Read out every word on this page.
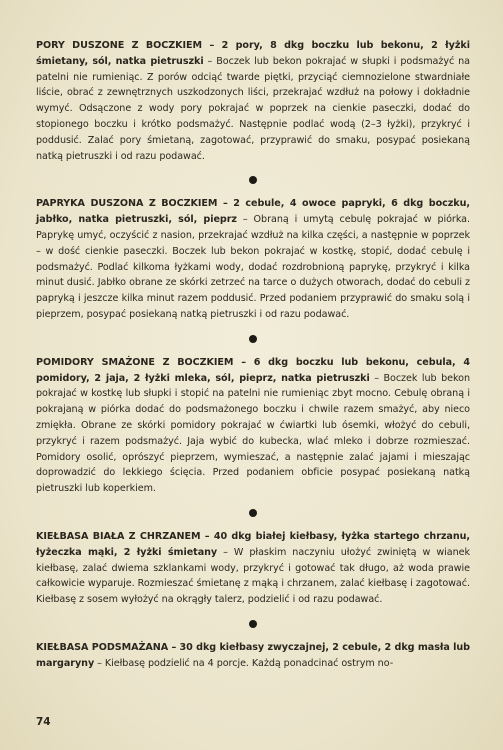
PORY DUSZONE Z BOCZKIEM – 2 pory, 8 dkg boczku lub bekonu, 2 łyżki śmietany, sól, natka pietruszki – Boczek lub bekon pokrajać w słupki i podsmażyć na patelni nie rumieniąc. Z porów odciąć twarde piętki, przyciąć ciemnozielone stwardniałe liście, obrać z zewnętrznych uszkodzonych liści, przekrajać wzdłuż na połowy i dokładnie wymyć. Odsączone z wody pory pokrajać w poprzek na cienkie paseczki, dodać do stopionego boczku i krótko podsmażyć. Następnie podlać wodą (2–3 łyżki), przykryć i poddusić. Zalać pory śmietaną, zagotować, przyprawić do smaku, posypać posiekaną natką pietruszki i od razu podawać.

PAPRYKA DUSZONA Z BOCZKIEM – 2 cebule, 4 owoce papryki, 6 dkg boczku, jabłko, natka pietruszki, sól, pieprz – Obraną i umytą cebulę pokrajać w piórka. Paprykę umyć, oczyścić z nasion, przekrajać wzdłuż na kilka części, a następnie w poprzek – w dość cienkie paseczki. Boczek lub bekon pokrajać w kostkę, stopić, dodać cebulę i podsmażyć. Podlać kilkoma łyżkami wody, dodać rozdrobnioną paprykę, przykryć i kilka minut dusić. Jabłko obrane ze skórki zetrzeć na tarce o dużych otworach, dodać do cebuli z papryką i jeszcze kilka minut razem poddusić. Przed podaniem przyprawić do smaku solą i pieprzem, posypać posiekaną natką pietruszki i od razu podawać.

POMIDORY SMAŻONE Z BOCZKIEM – 6 dkg boczku lub bekonu, cebula, 4 pomidory, 2 jaja, 2 łyżki mleka, sól, pieprz, natka pietruszki – Boczek lub bekon pokrajać w kostkę lub słupki i stopić na patelni nie rumieniąc zbyt mocno. Cebulę obraną i pokrajaną w piórka dodać do podsmażonego boczku i chwile razem smażyć, aby nieco zmiękła. Obrane ze skórki pomidory pokrajać w ćwiartki lub ósemki, włożyć do cebuli, przykryć i razem podsmażyć. Jaja wybić do kubecka, wlać mleko i dobrze rozmieszać. Pomidory osolić, oprószyć pieprzem, wymieszać, a następnie zalać jajami i mieszając doprowadzić do lekkiego ścięcia. Przed podaniem obficie posypać posiekaną natką pietruszki lub koperkiem.

KIEŁBASA BIAŁA Z CHRZANEM – 40 dkg białej kiełbasy, łyżka startego chrzanu, łyżeczka mąki, 2 łyżki śmietany – W płaskim naczyniu ułożyć zwiniętą w wianek kiełbasę, zalać dwiema szklankami wody, przykryć i gotować tak długo, aż woda prawie całkowicie wyparuje. Rozmieszać śmietanę z mąką i chrzanem, zalać kiełbasę i zagotować. Kiełbasę z sosem wyłożyć na okrągły talerz, podzielić i od razu podawać.

KIEŁBASA PODSMAŻANA – 30 dkg kiełbasy zwyczajnej, 2 cebule, 2 dkg masła lub margaryny – Kiełbasę podzielić na 4 porcje. Każdą ponadcinać ostrym no-

74
